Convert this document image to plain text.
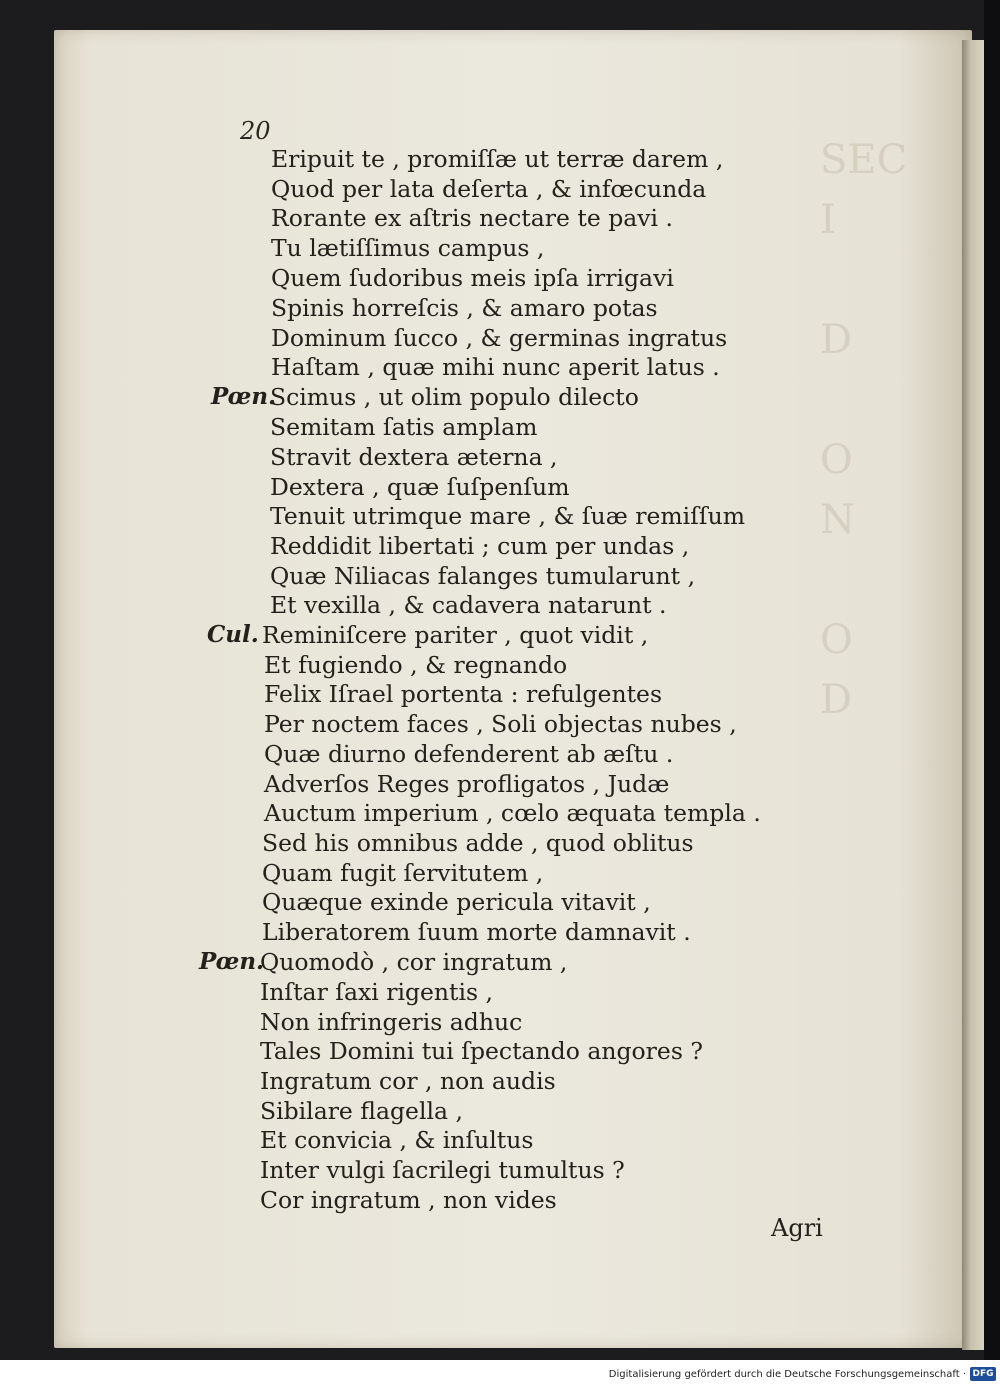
20
Eripuit te , promiſſæ ut terræ darem ,
Quod per lata deſerta , & infœcunda
Rorante ex aſtris nectare te pavi .
Tu lætiſſimus campus ,
Quem ſudoribus meis ipſa irrigavi
Spinis horreſcis , & amaro potas
Dominum ſucco , & germinas ingratus
Haſtam , quæ mihi nunc aperit latus .
Pœn.
Scimus , ut olim populo dilecto
Semitam ſatis amplam
Stravit dextera æterna ,
Dextera , quæ ſuſpenſum
Tenuit utrimque mare , & ſuæ remiſſum
Reddidit libertati ; cum per undas ,
Quæ Niliacas falanges tumularunt ,
Et vexilla , & cadavera natarunt .
Cul. Reminiſcere pariter , quot vidit ,
Et fugiendo , & regnando
Felix Iſrael portenta : refulgentes
Per noctem faces , Soli objectas nubes ,
Quæ diurno defenderent ab æſtu .
Adverſos Reges profligatos , Judæ
Auctum imperium , cœlo æquata templa .
Sed his omnibus adde , quod oblitus
Quam fugit ſervitutem ,
Quæque exinde pericula vitavit ,
Liberatorem ſuum morte damnavit .
Pœn.
Quomodò , cor ingratum ,
Inſtar ſaxi rigentis ,
Non infringeris adhuc
Tales Domini tui ſpectando angores ?
Ingratum cor , non audis
Sibilare flagella ,
Et convicia , & inſultus
Inter vulgi ſacrilegi tumultus ?
Cor ingratum , non vides
Agri
Digitalisierung gefördert durch die Deutsche Forschungsgemeinschaft · DFG
